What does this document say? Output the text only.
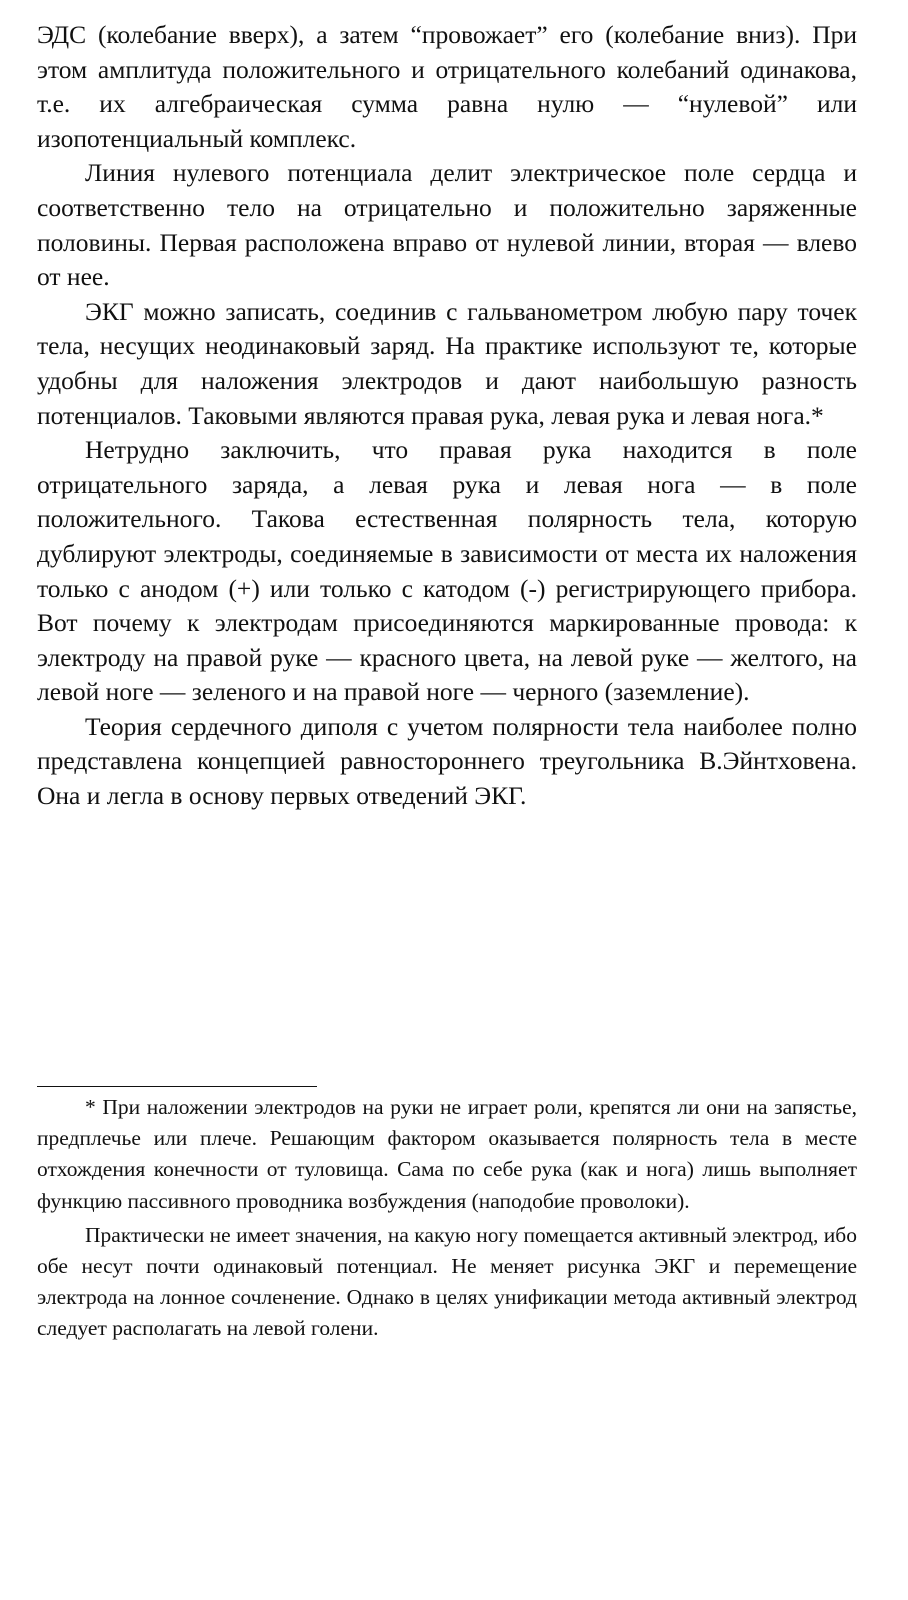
ЭДС (колебание вверх), а затем “провожает” его (колебание вниз). При этом амплитуда положительного и отрицательного колебаний одинакова, т.е. их алгебраическая сумма равна нулю — “нулевой” или изопотенциальный комплекс.

Линия нулевого потенциала делит электрическое поле сердца и соответственно тело на отрицательно и положительно заряженные половины. Первая расположена вправо от нулевой линии, вторая — влево от нее.

ЭКГ можно записать, соединив с гальванометром любую пару точек тела, несущих неодинаковый заряд. На практике используют те, которые удобны для наложения электродов и дают наибольшую разность потенциалов. Таковыми являются правая рука, левая рука и левая нога.*

Нетрудно заключить, что правая рука находится в поле отрицательного заряда, а левая рука и левая нога — в поле положительного. Такова естественная полярность тела, которую дублируют электроды, соединяемые в зависимости от места их наложения только с анодом (+) или только с катодом (-) регистрирующего прибора. Вот почему к электродам присоединяются маркированные провода: к электроду на правой руке — красного цвета, на левой руке — желтого, на левой ноге — зеленого и на правой ноге — черного (заземление).

Теория сердечного диполя с учетом полярности тела наиболее полно представлена концепцией равностороннего треугольника В.Эйнтховена. Она и легла в основу первых отведений ЭКГ.

* При наложении электродов на руки не играет роли, крепятся ли они на запястье, предплечье или плече. Решающим фактором оказывается полярность тела в месте отхождения конечности от туловища. Сама по себе рука (как и нога) лишь выполняет функцию пассивного проводника возбуждения (наподобие проволоки).

Практически не имеет значения, на какую ногу помещается активный электрод, ибо обе несут почти одинаковый потенциал. Не меняет рисунка ЭКГ и перемещение электрода на лонное сочленение. Однако в целях унификации метода активный электрод следует располагать на левой голени.
